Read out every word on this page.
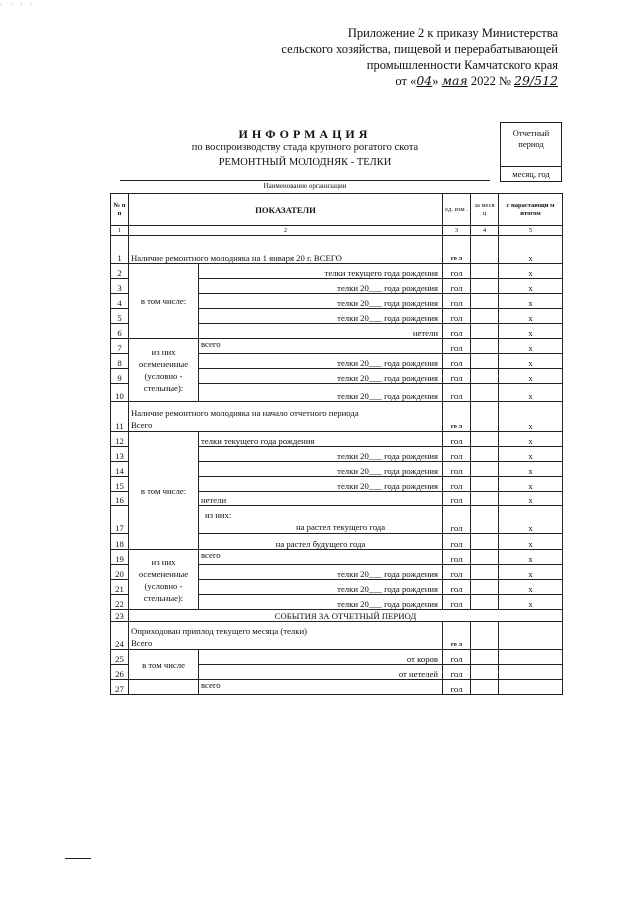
- - - -
Приложение 2 к приказу Министерства
сельского хозяйства, пищевой и перерабатывающей
промышленности Камчатского края
от «04» мая 2022 № 29/512
Отчетный период
месяц, год
ИНФОРМАЦИЯ
по воспроизводству стада крупного рогатого скота
РЕМОНТНЫЙ МОЛОДНЯК - ТЕЛКИ
Наименование организации
№ п п	ПОКАЗАТЕЛИ		ед. изм .	за меся ц	с нарастающи м итогом
1	2		3	4	5
1	Наличие ремонтного молодняка на 1 января 20 г. ВСЕГО		го л		х
2	в том числе:	телки текущего года рождения	гол		х
3		телки 20___ года рождения	гол		х
4		телки 20___ года рождения	гол		х
5		телки 20___ года рождения	гол		х
6		нетели	гол		х
7	из них осемененные (условно - стельные):	всего	гол		х
8		телки 20___ года рождения	гол		х
9		телки 20___ года рождения	гол		х
10		телки 20___ года рождения	гол		х
11	Наличие ремонтного молодняка на начало отчетного периода
Всего		го л		х
12	в том числе:	телки текущего года рождения	гол		х
13		телки 20___ года рождения	гол		х
14		телки 20___ года рождения	гол		х
15		телки 20___ года рождения	гол		х
16		нетели	гол		х
17		из них:
на растел текущего года	гол		х
18		на растел будущего года	гол		х
19	из них осемененные (условно - стельные):	всего	гол		х
20		телки 20___ года рождения	гол		х
21		телки 20___ года рождения	гол		х
22		телки 20___ года рождения	гол		х
23	СОБЫТИЯ ЗА ОТЧЕТНЫЙ ПЕРИОД				
24	Оприходован приплод текущего месяца (телки)
Всего		го л		
25	в том числе	от коров	гол		
26		от нетелей	гол		
27		всего	гол		
